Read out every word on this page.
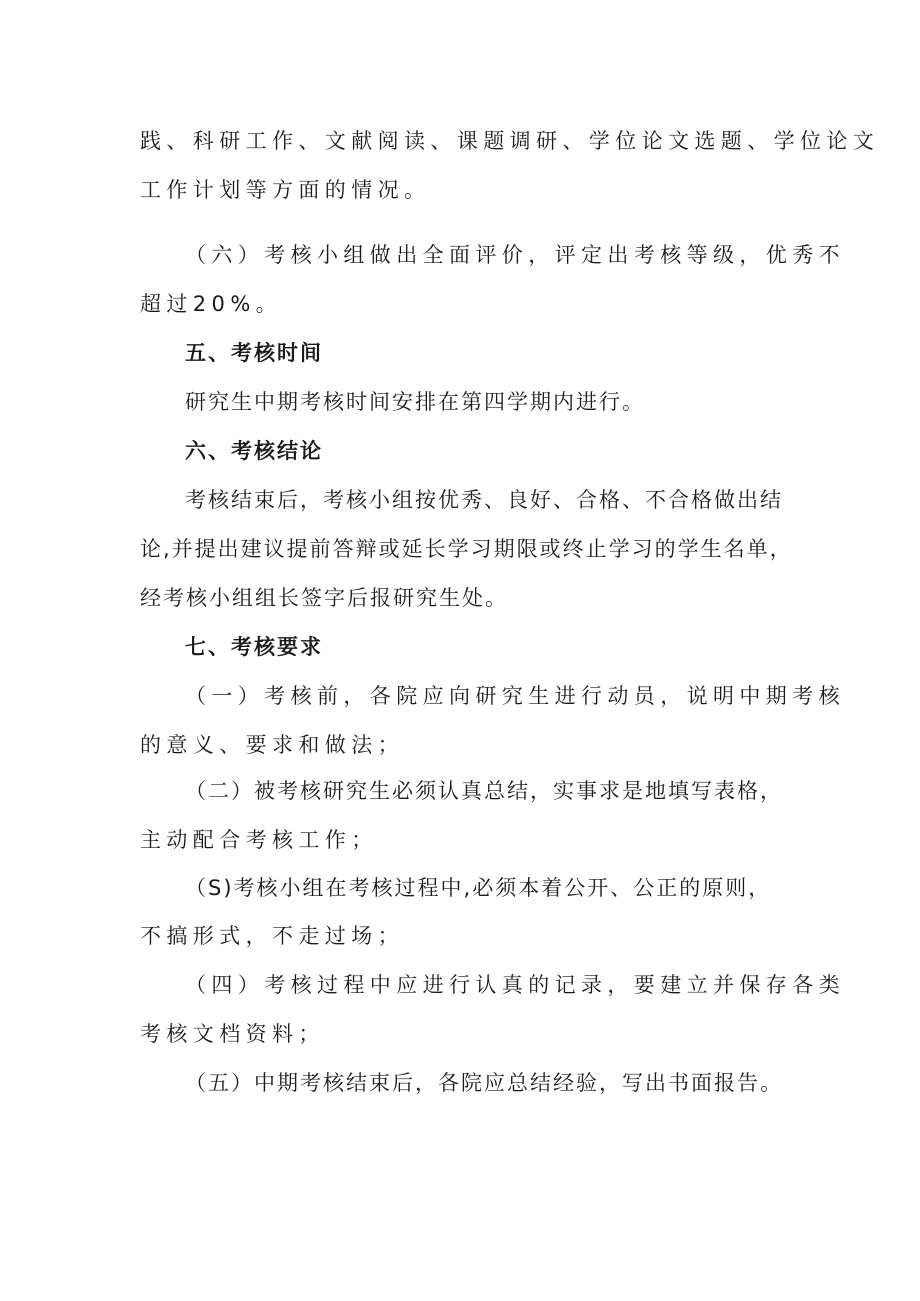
践、科研工作、文献阅读、课题调研、学位论文选题、学位论文
工作计划等方面的情况。
（六）考核小组做出全面评价，评定出考核等级，优秀不
超过20%。
五、考核时间
研究生中期考核时间安排在第四学期内进行。
六、考核结论
考核结束后，考核小组按优秀、良好、合格、不合格做出结
论,并提出建议提前答辩或延长学习期限或终止学习的学生名单，
经考核小组组长签字后报研究生处。
七、考核要求
（一）考核前，各院应向研究生进行动员，说明中期考核
的意义、要求和做法；
（二）被考核研究生必须认真总结，实事求是地填写表格，
主动配合考核工作；
（S)考核小组在考核过程中,必须本着公开、公正的原则，
不搞形式，不走过场；
（四）考核过程中应进行认真的记录，要建立并保存各类
考核文档资料；
（五）中期考核结束后，各院应总结经验，写出书面报告。
